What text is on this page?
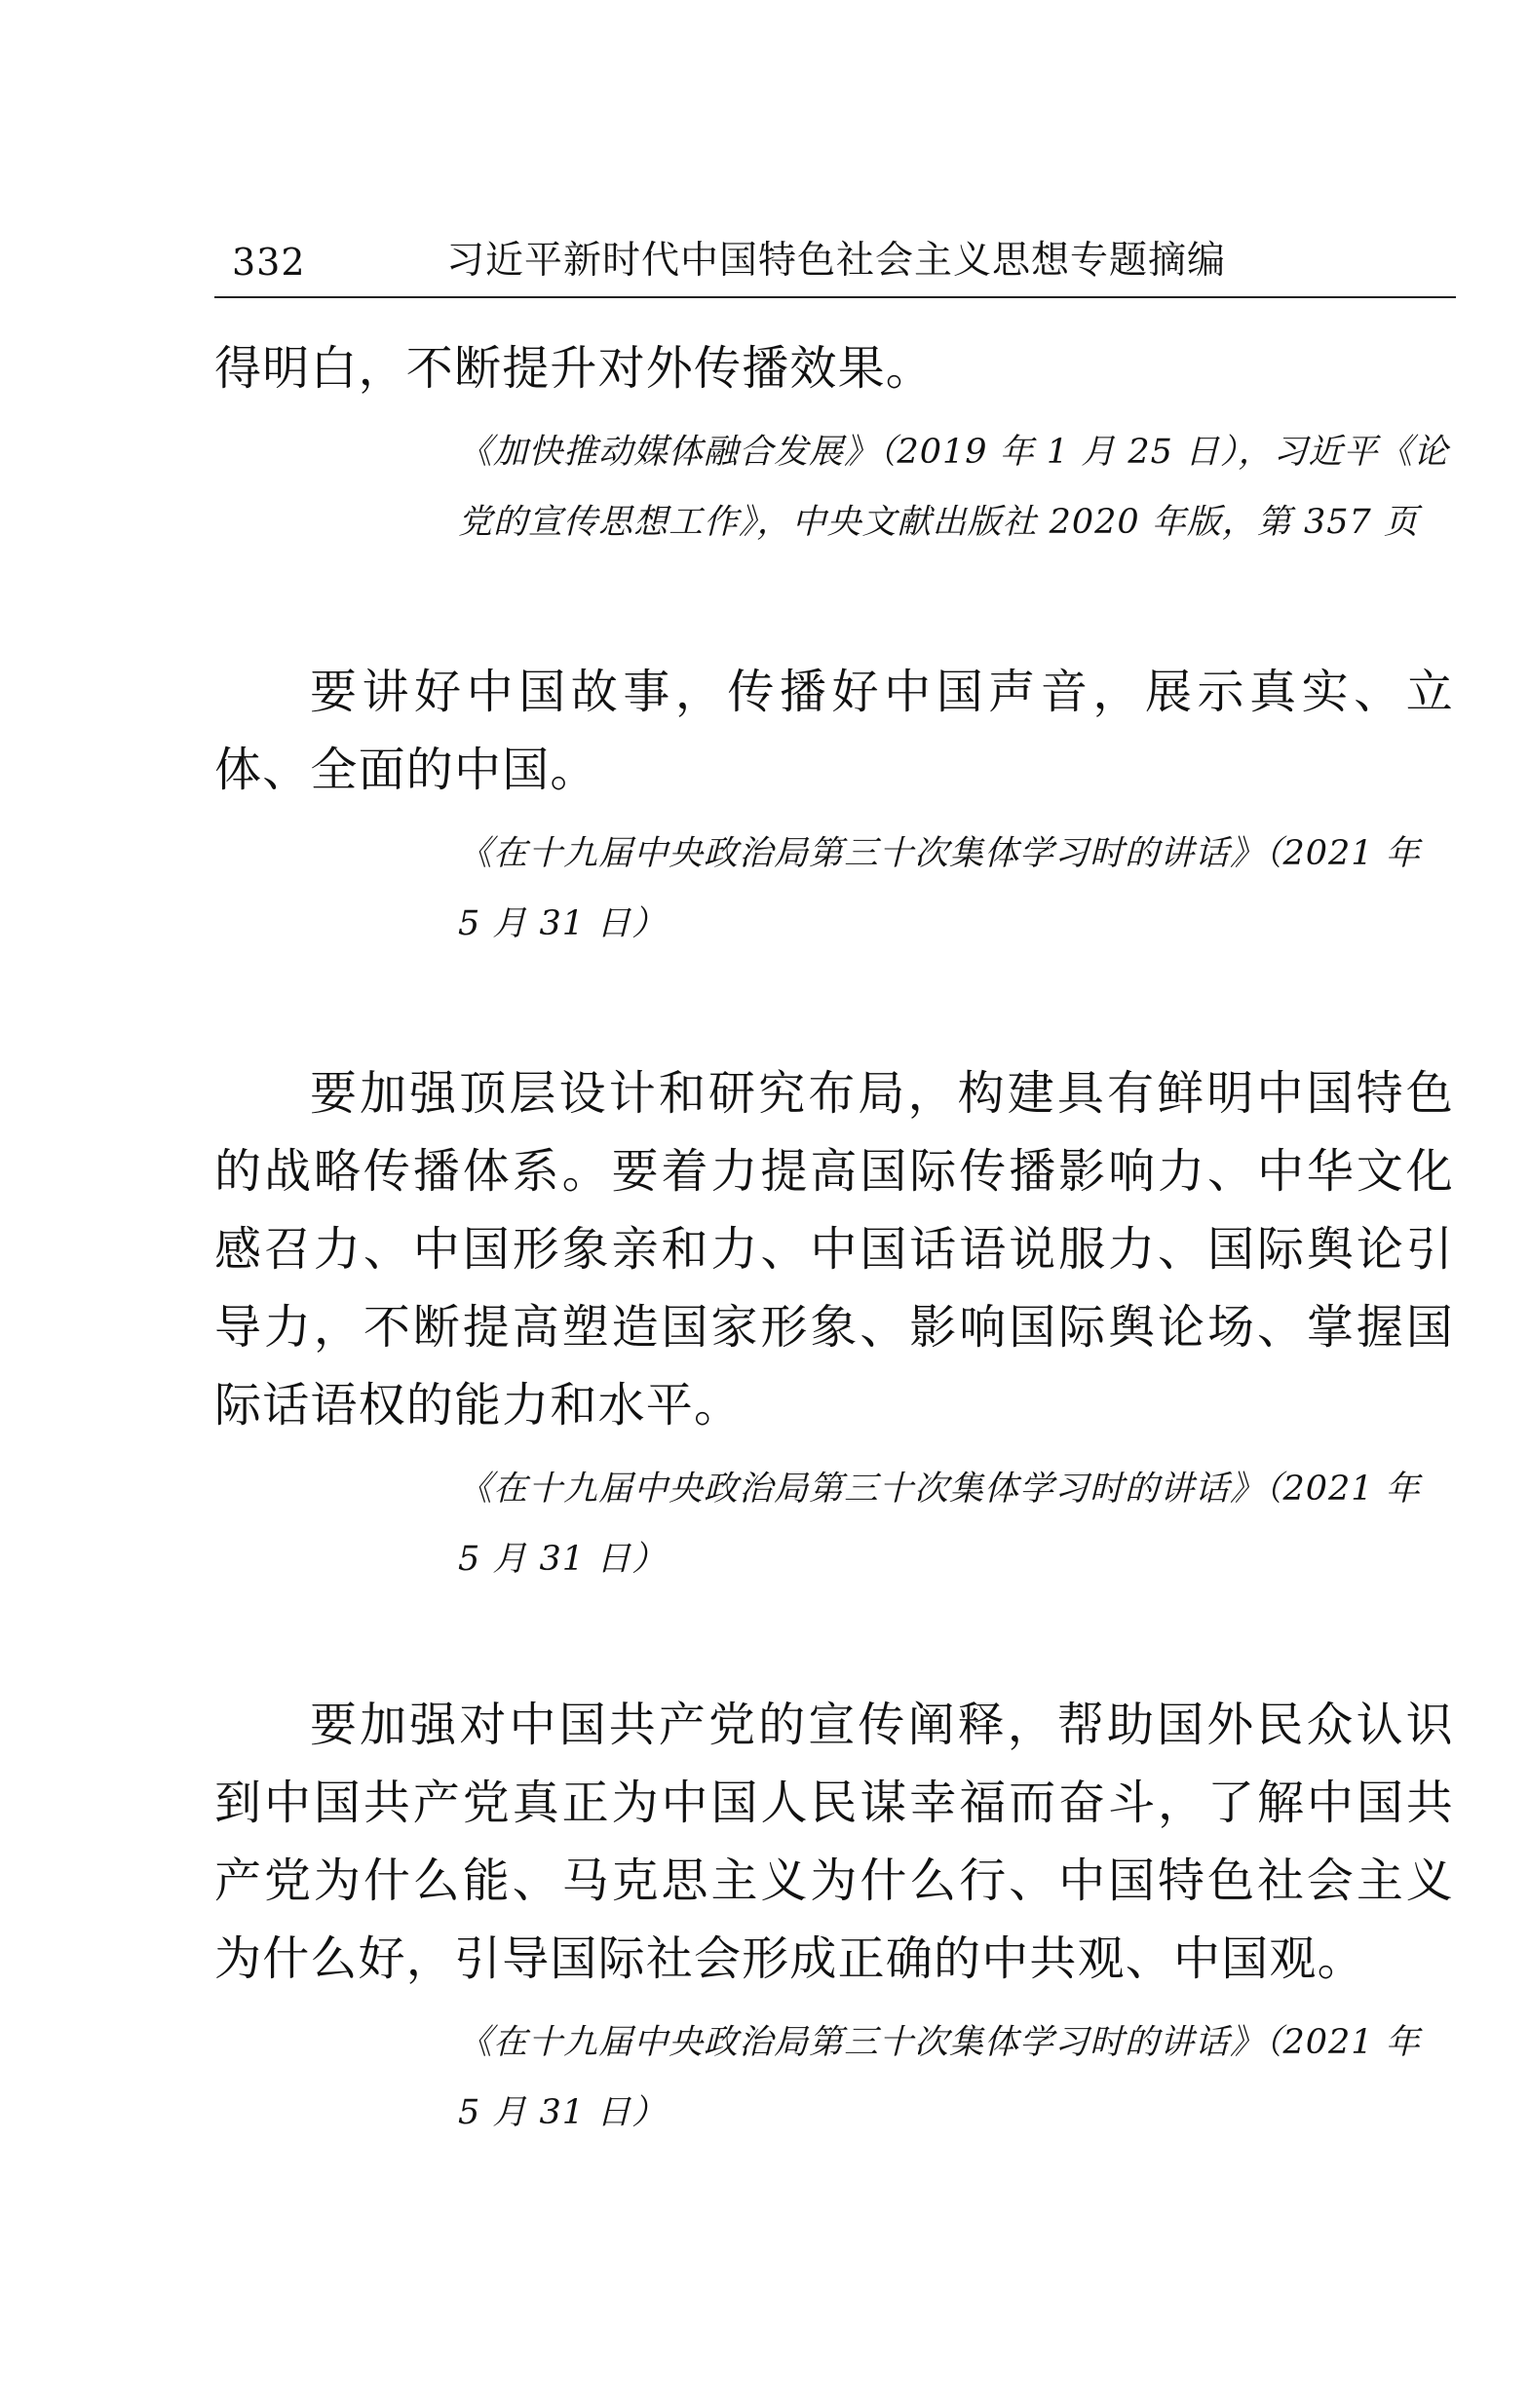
332	习近平新时代中国特色社会主义思想专题摘编

得明白，不断提升对外传播效果。

《加快推动媒体融合发展》（2019 年 1 月 25 日），习近平《论党的宣传思想工作》，中央文献出版社 2020 年版，第 357 页

要讲好中国故事，传播好中国声音，展示真实、立体、全面的中国。

《在十九届中央政治局第三十次集体学习时的讲话》（2021 年 5 月 31 日）

要加强顶层设计和研究布局，构建具有鲜明中国特色的战略传播体系。要着力提高国际传播影响力、中华文化感召力、中国形象亲和力、中国话语说服力、国际舆论引导力，不断提高塑造国家形象、影响国际舆论场、掌握国际话语权的能力和水平。

《在十九届中央政治局第三十次集体学习时的讲话》（2021 年 5 月 31 日）

要加强对中国共产党的宣传阐释，帮助国外民众认识到中国共产党真正为中国人民谋幸福而奋斗，了解中国共产党为什么能、马克思主义为什么行、中国特色社会主义为什么好，引导国际社会形成正确的中共观、中国观。

《在十九届中央政治局第三十次集体学习时的讲话》（2021 年 5 月 31 日）
